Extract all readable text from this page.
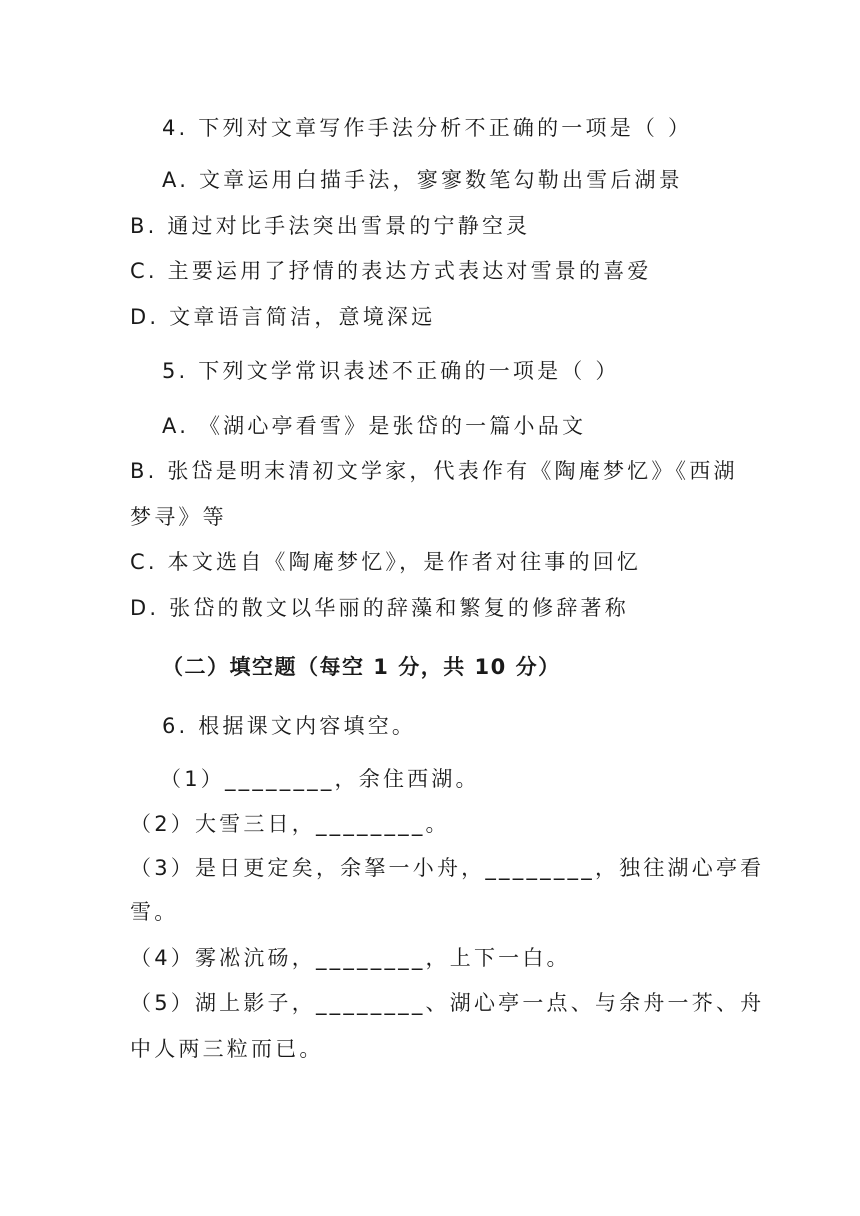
4. 下列对文章写作手法分析不正确的一项是（ ）
A. 文章运用白描手法，寥寥数笔勾勒出雪后湖景
B. 通过对比手法突出雪景的宁静空灵
C. 主要运用了抒情的表达方式表达对雪景的喜爱
D. 文章语言简洁，意境深远
5. 下列文学常识表述不正确的一项是（ ）
A. 《湖心亭看雪》是张岱的一篇小品文
B. 张岱是明末清初文学家，代表作有《陶庵梦忆》《西湖
梦寻》等
C. 本文选自《陶庵梦忆》，是作者对往事的回忆
D. 张岱的散文以华丽的辞藻和繁复的修辞著称
（二）填空题（每空 1 分，共 10 分）
6. 根据课文内容填空。
（1）________，余住西湖。
（2）大雪三日，________。
（3）是日更定矣，余拏一小舟，________，独往湖心亭看
雪。
（4）雾凇沆砀，________，上下一白。
（5）湖上影子，________、湖心亭一点、与余舟一芥、舟
中人两三粒而已。
